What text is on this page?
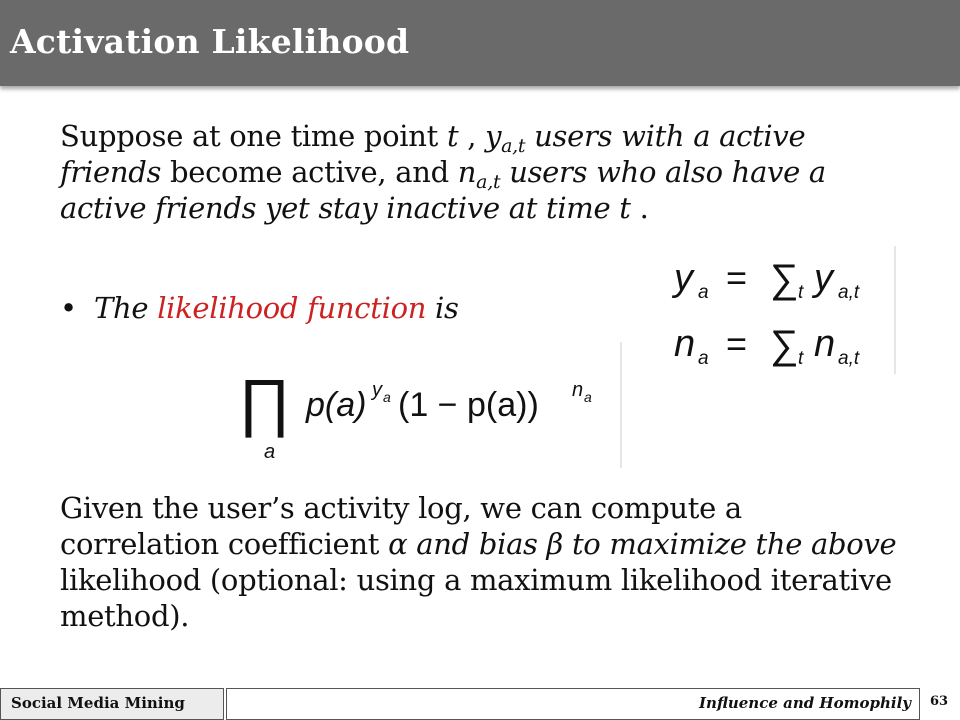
Activation Likelihood
Suppose at one time point t , $y_{a,t}$ users with a active friends become active, and $n_{a,t}$ users who also have a active friends yet stay inactive at time t .
• The likelihood function is
y a = ∑ t y a,t
n a = ∑ t n a,t
∏
a
p(a) y a (1 − p(a)) n a
Given the user’s activity log, we can compute a correlation coefficient α and bias β to maximize the above likelihood (optional: using a maximum likelihood iterative method).
Social Media Mining	Influence and Homophily 63
